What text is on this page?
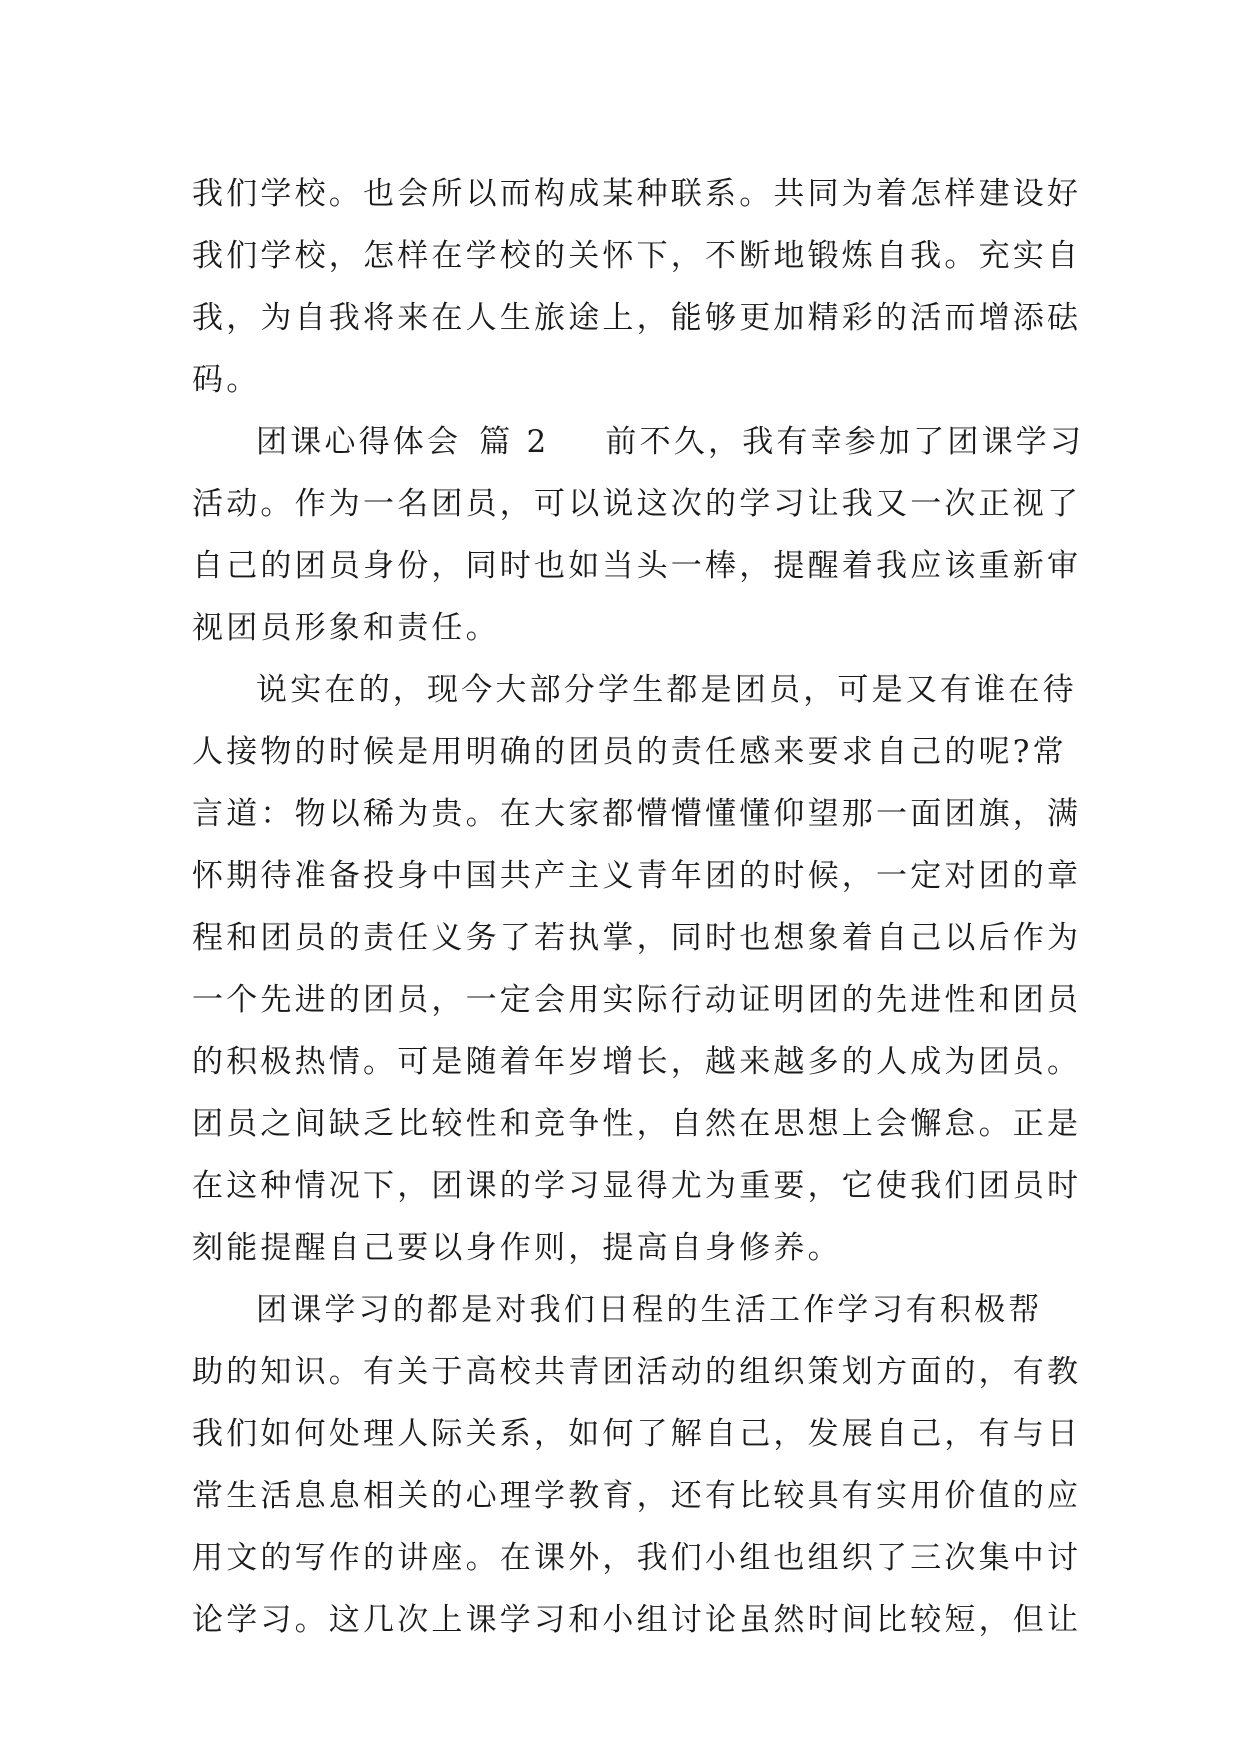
我们学校。也会所以而构成某种联系。共同为着怎样建设好
我们学校，怎样在学校的关怀下，不断地锻炼自我。充实自
我，为自我将来在人生旅途上，能够更加精彩的活而增添砝
码。
团课心得体会 篇 2 前不久，我有幸参加了团课学习
活动。作为一名团员，可以说这次的学习让我又一次正视了
自己的团员身份，同时也如当头一棒，提醒着我应该重新审
视团员形象和责任。
说实在的，现今大部分学生都是团员，可是又有谁在待
人接物的时候是用明确的团员的责任感来要求自己的呢?常
言道：物以稀为贵。在大家都懵懵懂懂仰望那一面团旗，满
怀期待准备投身中国共产主义青年团的时候，一定对团的章
程和团员的责任义务了若执掌，同时也想象着自己以后作为
一个先进的团员，一定会用实际行动证明团的先进性和团员
的积极热情。可是随着年岁增长，越来越多的人成为团员。
团员之间缺乏比较性和竞争性，自然在思想上会懈怠。正是
在这种情况下，团课的学习显得尤为重要，它使我们团员时
刻能提醒自己要以身作则，提高自身修养。
团课学习的都是对我们日程的生活工作学习有积极帮
助的知识。有关于高校共青团活动的组织策划方面的，有教
我们如何处理人际关系，如何了解自己，发展自己，有与日
常生活息息相关的心理学教育，还有比较具有实用价值的应
用文的写作的讲座。在课外，我们小组也组织了三次集中讨
论学习。这几次上课学习和小组讨论虽然时间比较短，但让
